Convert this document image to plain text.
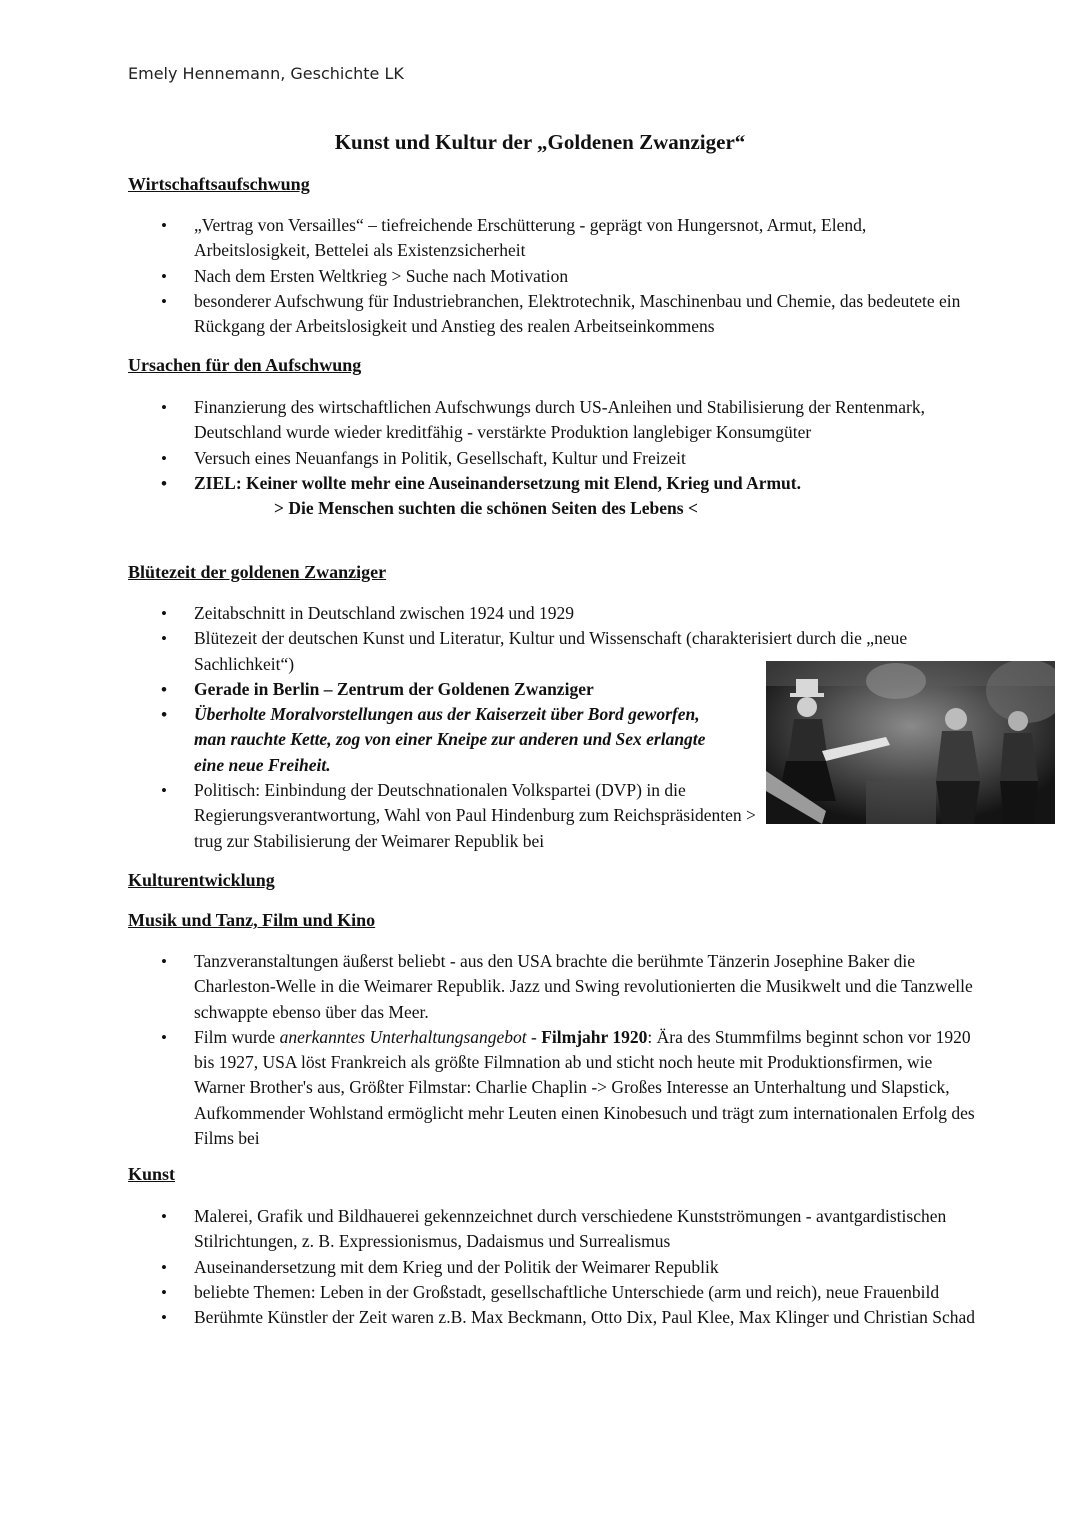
Emely Hennemann, Geschichte LK
Kunst und Kultur der „Goldenen Zwanziger“
Wirtschaftsaufschwung
• „Vertrag von Versailles“ – tiefreichende Erschütterung - geprägt von Hungersnot, Armut, Elend, Arbeitslosigkeit, Bettelei als Existenzsicherheit
• Nach dem Ersten Weltkrieg > Suche nach Motivation
• besonderer Aufschwung für Industriebranchen, Elektrotechnik, Maschinenbau und Chemie, das bedeutete ein Rückgang der Arbeitslosigkeit und Anstieg des realen Arbeitseinkommens
Ursachen für den Aufschwung
• Finanzierung des wirtschaftlichen Aufschwungs durch US-Anleihen und Stabilisierung der Rentenmark, Deutschland wurde wieder kreditfähig - verstärkte Produktion langlebiger Konsumgüter
• Versuch eines Neuanfangs in Politik, Gesellschaft, Kultur und Freizeit
• ZIEL: Keiner wollte mehr eine Auseinandersetzung mit Elend, Krieg und Armut.
> Die Menschen suchten die schönen Seiten des Lebens <
Blütezeit der goldenen Zwanziger
• Zeitabschnitt in Deutschland zwischen 1924 und 1929
• Blütezeit der deutschen Kunst und Literatur, Kultur und Wissenschaft (charakterisiert durch die „neue Sachlichkeit“)
• Gerade in Berlin – Zentrum der Goldenen Zwanziger
• Überholte Moralvorstellungen aus der Kaiserzeit über Bord geworfen, man rauchte Kette, zog von einer Kneipe zur anderen und Sex erlangte eine neue Freiheit.
• Politisch: Einbindung der Deutschnationalen Volkspartei (DVP) in die Regierungsverantwortung, Wahl von Paul Hindenburg zum Reichspräsidenten > trug zur Stabilisierung der Weimarer Republik bei
Kulturentwicklung
Musik und Tanz, Film und Kino
• Tanzveranstaltungen äußerst beliebt - aus den USA brachte die berühmte Tänzerin Josephine Baker die Charleston-Welle in die Weimarer Republik. Jazz und Swing revolutionierten die Musikwelt und die Tanzwelle schwappte ebenso über das Meer.
• Film wurde anerkanntes Unterhaltungsangebot - Filmjahr 1920: Ära des Stummfilms beginnt schon vor 1920 bis 1927, USA löst Frankreich als größte Filmnation ab und sticht noch heute mit Produktionsfirmen, wie Warner Brother's aus, Größter Filmstar: Charlie Chaplin -> Großes Interesse an Unterhaltung und Slapstick, Aufkommender Wohlstand ermöglicht mehr Leuten einen Kinobesuch und trägt zum internationalen Erfolg des Films bei
Kunst
• Malerei, Grafik und Bildhauerei gekennzeichnet durch verschiedene Kunstströmungen - avantgardistischen Stilrichtungen, z. B. Expressionismus, Dadaismus und Surrealismus
• Auseinandersetzung mit dem Krieg und der Politik der Weimarer Republik
• beliebte Themen: Leben in der Großstadt, gesellschaftliche Unterschiede (arm und reich), neue Frauenbild
• Berühmte Künstler der Zeit waren z.B. Max Beckmann, Otto Dix, Paul Klee, Max Klinger und Christian Schad
